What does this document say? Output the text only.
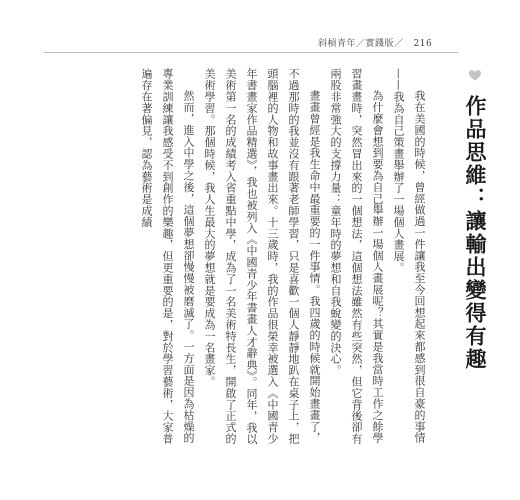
斜槓青年／實踐版／ 216
作品思維：讓輸出變得有趣

我在美國的時候，曾經做過一件讓我至今回想起來都感到很自豪的事情——我為自己策畫舉辦了一場個人畫展。

為什麼會想到要為自己舉辦一場個人畫展呢？其實是我當時工作之餘學習畫畫時，突然冒出來的一個想法，這個想法雖然有些突然，但它背後卻有兩股非常強大的支撐力量：童年時的夢想和自我蛻變的決心。

畫畫曾經是我生命中最重要的一件事情。我四歲的時候就開始畫畫了，不過那時的我並沒有跟著老師學習，只是喜歡一個人靜靜地趴在桌子上，把頭腦裡的人物和故事畫出來。十三歲時，我的作品很榮幸被選入《中國青少年書畫家作品精選》，我也被列入《中國青少年書畫人才辭典》。同年，我以美術第一名的成績考入省重點中學，成為了一名美術特長生，開啟了正式的美術學習。那個時候，我人生最大的夢想就是要成為一名畫家。

然而，進入中學之後，這個夢想卻慢慢被磨滅了。一方面是因為枯燥的專業訓練讓我感受不到創作的樂趣，但更重要的是，對於學習藝術，大家普遍存在著偏見，認為藝術是成績
